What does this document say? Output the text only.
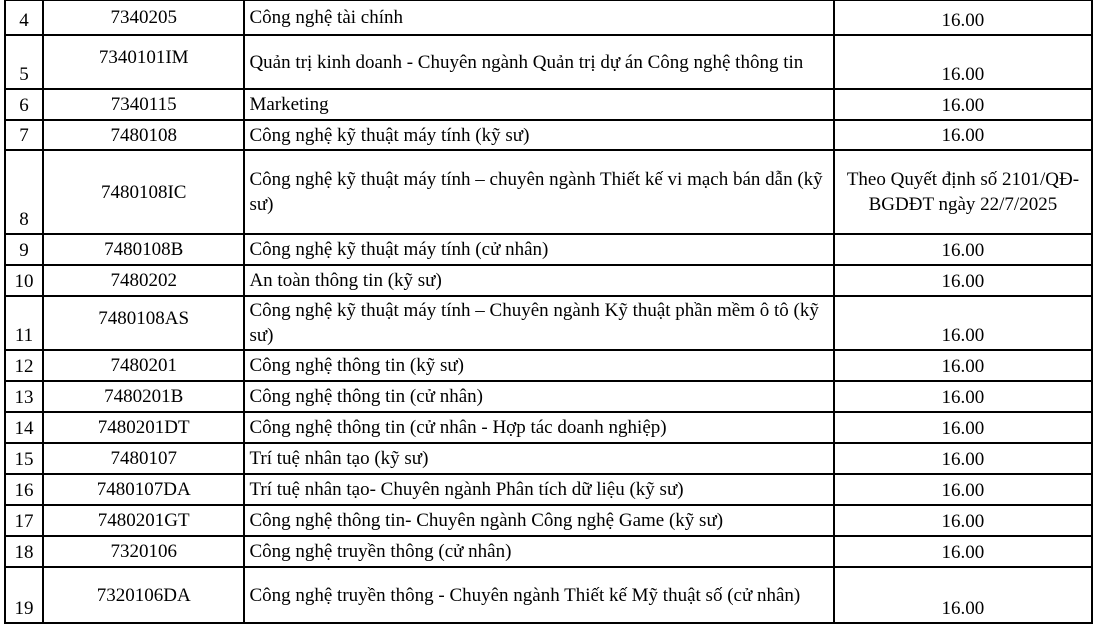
4	7340205	Công nghệ tài chính	16.00
5	7340101IM	Quản trị kinh doanh - Chuyên ngành Quản trị dự án Công nghệ thông tin	16.00
6	7340115	Marketing	16.00
7	7480108	Công nghệ kỹ thuật máy tính (kỹ sư)	16.00
8	7480108IC	Công nghệ kỹ thuật máy tính – chuyên ngành Thiết kế vi mạch bán dẫn (kỹ sư)	Theo Quyết định số 2101/QĐ-BGDĐT ngày 22/7/2025
9	7480108B	Công nghệ kỹ thuật máy tính (cử nhân)	16.00
10	7480202	An toàn thông tin (kỹ sư)	16.00
11	7480108AS	Công nghệ kỹ thuật máy tính – Chuyên ngành Kỹ thuật phần mềm ô tô (kỹ sư)	16.00
12	7480201	Công nghệ thông tin (kỹ sư)	16.00
13	7480201B	Công nghệ thông tin (cử nhân)	16.00
14	7480201DT	Công nghệ thông tin (cử nhân - Hợp tác doanh nghiệp)	16.00
15	7480107	Trí tuệ nhân tạo (kỹ sư)	16.00
16	7480107DA	Trí tuệ nhân tạo- Chuyên ngành Phân tích dữ liệu (kỹ sư)	16.00
17	7480201GT	Công nghệ thông tin- Chuyên ngành Công nghệ Game (kỹ sư)	16.00
18	7320106	Công nghệ truyền thông (cử nhân)	16.00
19	7320106DA	Công nghệ truyền thông - Chuyên ngành Thiết kế Mỹ thuật số (cử nhân)	16.00
